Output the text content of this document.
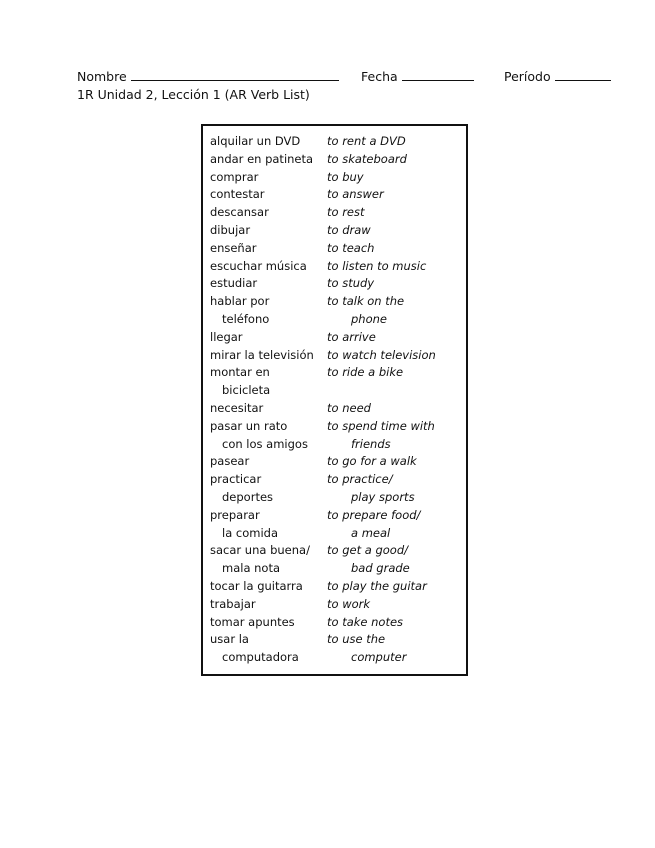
Nombre	Fecha	Período
1R Unidad 2, Lección 1 (AR Verb List)
alquilar un DVD	to rent a DVD
andar en patineta	to skateboard
comprar	to buy
contestar	to answer
descansar	to rest
dibujar	to draw
enseñar	to teach
escuchar música	to listen to music
estudiar	to study
hablar por	to talk on the
teléfono	phone
llegar	to arrive
mirar la televisión	to watch television
montar en	to ride a bike
bicicleta
necesitar	to need
pasar un rato	to spend time with
con los amigos	friends
pasear	to go for a walk
practicar	to practice/
deportes	play sports
preparar	to prepare food/
la comida	a meal
sacar una buena/	to get a good/
mala nota	bad grade
tocar la guitarra	to play the guitar
trabajar	to work
tomar apuntes	to take notes
usar la	to use the
computadora	computer
